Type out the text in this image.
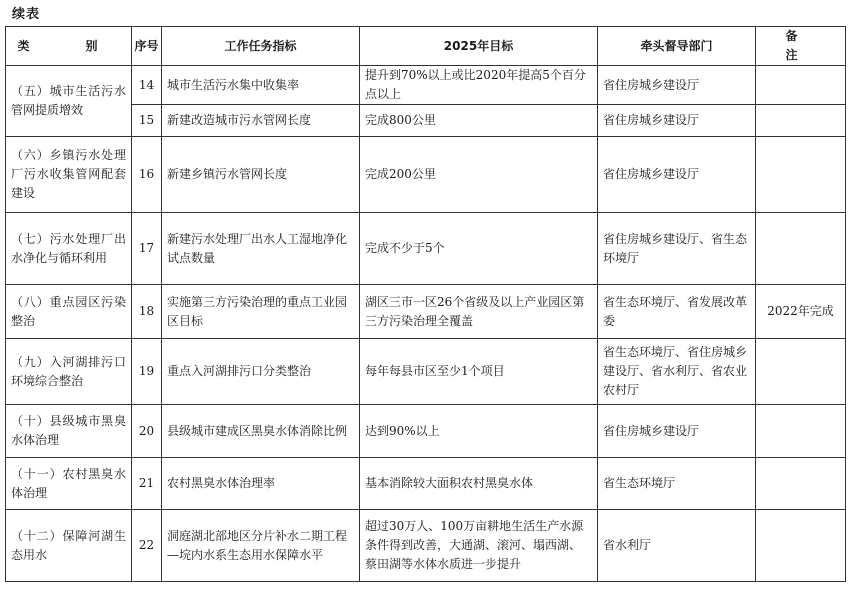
续表
类　别	序号	工作任务指标	2025年目标	牵头督导部门	备　注

（五）城市生活污水管网提质增效	14	城市生活污水集中收集率	提升到70%以上或比2020年提高5个百分点以上	省住房城乡建设厅	
	15	新建改造城市污水管网长度	完成800公里	省住房城乡建设厅	

（六）乡镇污水处理厂污水收集管网配套建设	16	新建乡镇污水管网长度	完成200公里	省住房城乡建设厅	

（七）污水处理厂出水净化与循环利用	17	新建污水处理厂出水人工湿地净化试点数量	完成不少于5个	省住房城乡建设厅、省生态环境厅	

（八）重点园区污染整治	18	实施第三方污染治理的重点工业园区目标	湖区三市一区26个省级及以上产业园区第三方污染治理全覆盖	省生态环境厅、省发展改革委	2022年完成

（九）入河湖排污口环境综合整治	19	重点入河湖排污口分类整治	每年每县市区至少1个项目	省生态环境厅、省住房城乡建设厅、省水利厅、省农业农村厅	

（十）县级城市黑臭水体治理	20	县级城市建成区黑臭水体消除比例	达到90%以上	省住房城乡建设厅	

（十一）农村黑臭水体治理	21	农村黑臭水体治理率	基本消除较大面积农村黑臭水体	省生态环境厅	

（十二）保障河湖生态用水	22	洞庭湖北部地区分片补水二期工程—垸内水系生态用水保障水平	超过30万人、100万亩耕地生活生产水源条件得到改善，大通湖、滚河、塌西湖、蔡田湖等水体水质进一步提升	省水利厅	
